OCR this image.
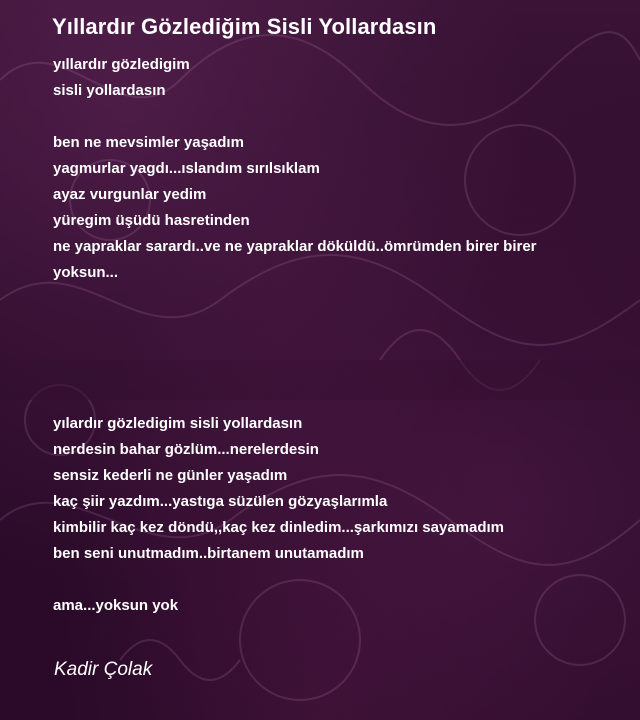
Yıllardır Gözlediğim Sisli Yollardasın
yıllardır gözledigim
sisli yollardasın
ben ne mevsimler yaşadım
yagmurlar yagdı...ıslandım sırılsıklam
ayaz vurgunlar yedim
yüregim üşüdü hasretinden
ne yapraklar sarardı..ve ne yapraklar döküldü..ömrümden birer birer
yoksun...
yılardır gözledigim sisli yollardasın
nerdesin bahar gözlüm...nerelerdesin
sensiz kederli ne günler yaşadım
kaç şiir yazdım...yastıga süzülen gözyaşlarımla
kimbilir kaç kez döndü,,kaç kez dinledim...şarkımızı sayamadım
ben seni unutmadım..birtanem unutamadım
ama...yoksun yok
Kadir Çolak
